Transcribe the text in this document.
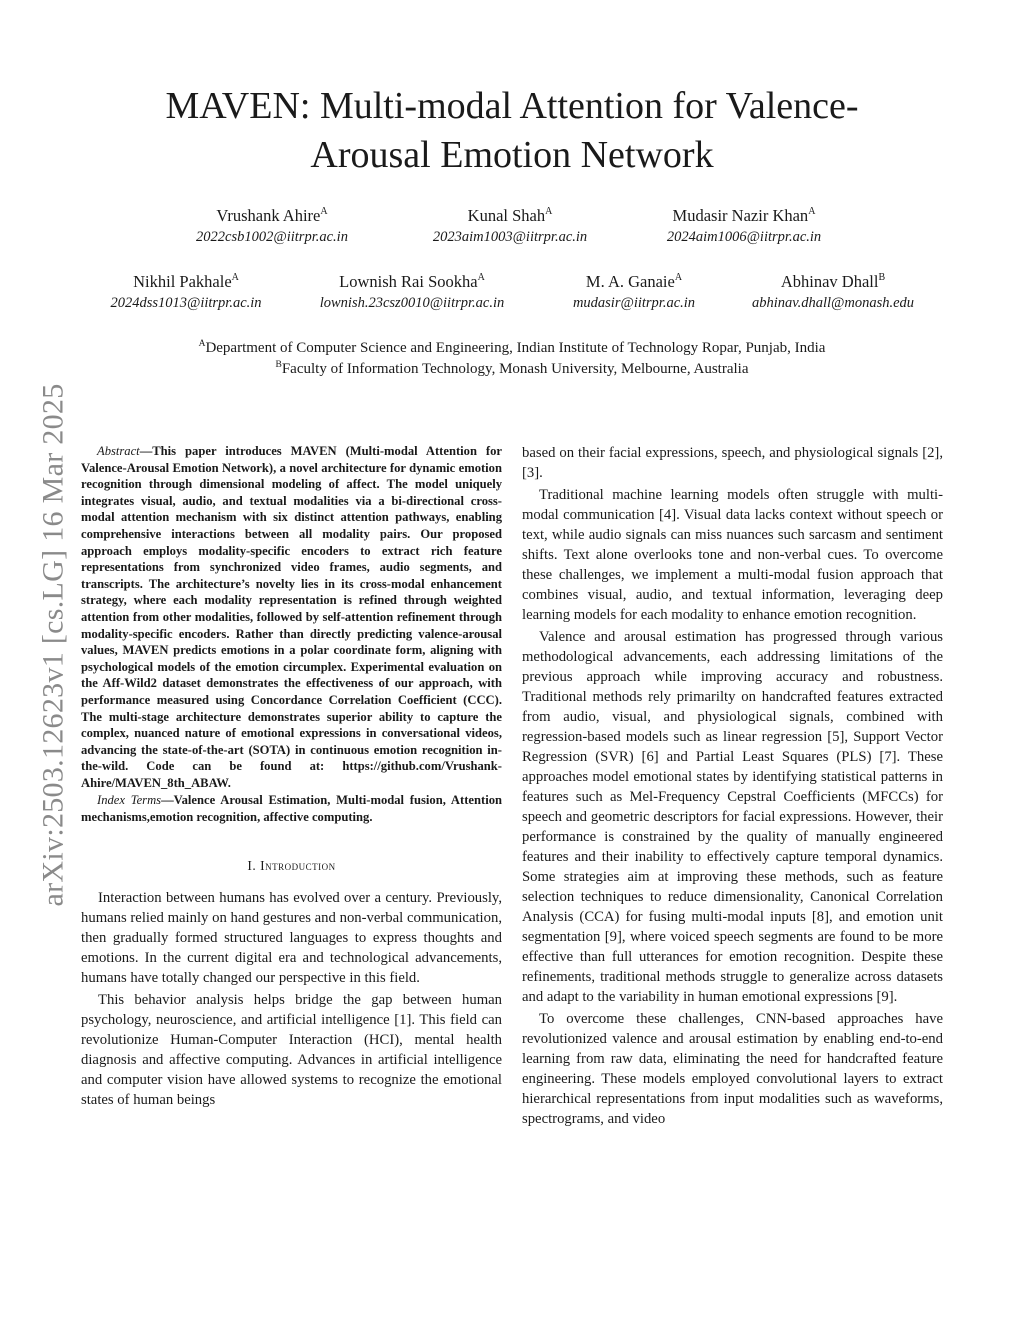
arXiv:2503.12623v1 [cs.LG] 16 Mar 2025
MAVEN: Multi-modal Attention for Valence-Arousal Emotion Network
Vrushank Ahire$^A$
2022csb1002@iitrpr.ac.in
Kunal Shah$^A$
2023aim1003@iitrpr.ac.in
Mudasir Nazir Khan$^A$
2024aim1006@iitrpr.ac.in
Nikhil Pakhale$^A$
2024dss1013@iitrpr.ac.in
Lownish Rai Sookha$^A$
lownish.23csz0010@iitrpr.ac.in
M. A. Ganaie$^A$
mudasir@iitrpr.ac.in
Abhinav Dhall$^B$
abhinav.dhall@monash.edu
$^A$Department of Computer Science and Engineering, Indian Institute of Technology Ropar, Punjab, India
$^B$Faculty of Information Technology, Monash University, Melbourne, Australia

Abstract—This paper introduces MAVEN (Multi-modal Attention for Valence-Arousal Emotion Network), a novel architecture for dynamic emotion recognition through dimensional modeling of affect. The model uniquely integrates visual, audio, and textual modalities via a bi-directional cross-modal attention mechanism with six distinct attention pathways, enabling comprehensive interactions between all modality pairs. Our proposed approach employs modality-specific encoders to extract rich feature representations from synchronized video frames, audio segments, and transcripts. The architecture’s novelty lies in its cross-modal enhancement strategy, where each modality representation is refined through weighted attention from other modalities, followed by self-attention refinement through modality-specific encoders. Rather than directly predicting valence-arousal values, MAVEN predicts emotions in a polar coordinate form, aligning with psychological models of the emotion circumplex. Experimental evaluation on the Aff-Wild2 dataset demonstrates the effectiveness of our approach, with performance measured using Concordance Correlation Coefficient (CCC). The multi-stage architecture demonstrates superior ability to capture the complex, nuanced nature of emotional expressions in conversational videos, advancing the state-of-the-art (SOTA) in continuous emotion recognition in-the-wild. Code can be found at: https://github.com/Vrushank-Ahire/MAVEN_8th_ABAW.

Index Terms—Valence Arousal Estimation, Multi-modal fusion, Attention mechanisms,emotion recognition, affective computing.

I. Introduction

Interaction between humans has evolved over a century. Previously, humans relied mainly on hand gestures and non-verbal communication, then gradually formed structured languages to express thoughts and emotions. In the current digital era and technological advancements, humans have totally changed our perspective in this field.

This behavior analysis helps bridge the gap between human psychology, neuroscience, and artificial intelligence [1]. This field can revolutionize Human-Computer Interaction (HCI), mental health diagnosis and affective computing. Advances in artificial intelligence and computer vision have allowed systems to recognize the emotional states of human beings

based on their facial expressions, speech, and physiological signals [2], [3].

Traditional machine learning models often struggle with multi-modal communication [4]. Visual data lacks context without speech or text, while audio signals can miss nuances such sarcasm and sentiment shifts. Text alone overlooks tone and non-verbal cues. To overcome these challenges, we implement a multi-modal fusion approach that combines visual, audio, and textual information, leveraging deep learning models for each modality to enhance emotion recognition.

Valence and arousal estimation has progressed through various methodological advancements, each addressing limitations of the previous approach while improving accuracy and robustness. Traditional methods rely primarilty on handcrafted features extracted from audio, visual, and physiological signals, combined with regression-based models such as linear regression [5], Support Vector Regression (SVR) [6] and Partial Least Squares (PLS) [7]. These approaches model emotional states by identifying statistical patterns in features such as Mel-Frequency Cepstral Coefficients (MFCCs) for speech and geometric descriptors for facial expressions. However, their performance is constrained by the quality of manually engineered features and their inability to effectively capture temporal dynamics. Some strategies aim at improving these methods, such as feature selection techniques to reduce dimensionality, Canonical Correlation Analysis (CCA) for fusing multi-modal inputs [8], and emotion unit segmentation [9], where voiced speech segments are found to be more effective than full utterances for emotion recognition. Despite these refinements, traditional methods struggle to generalize across datasets and adapt to the variability in human emotional expressions [9].

To overcome these challenges, CNN-based approaches have revolutionized valence and arousal estimation by enabling end-to-end learning from raw data, eliminating the need for handcrafted feature engineering. These models employed convolutional layers to extract hierarchical representations from input modalities such as waveforms, spectrograms, and video
